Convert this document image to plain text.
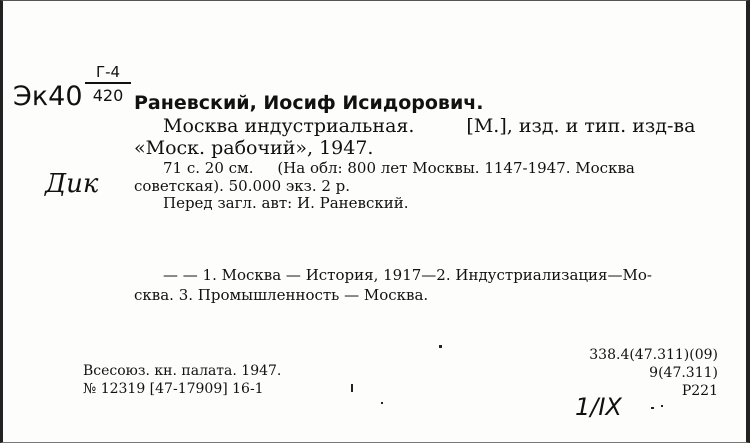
Эк40
Г-4
420
Дик
Раневский, Иосиф Исидорович.
Москва индустриальная.	[М.], изд. и тип. изд-ва
«Моск. рабочий», 1947.
71 с. 20 см.     (На обл: 800 лет Москвы. 1147-1947. Москва
советская). 50.000 экз. 2 р.
Перед загл. авт: И. Раневский.
— — 1. Москва — История, 1917—2. Индустриализация—Мо-
сква. 3. Промышленность — Москва.
Всесоюз. кн. палата. 1947.
№ 12319 [47-17909] 16-1
338.4(47.311)(09)
9(47.311)
P221
1/IX
